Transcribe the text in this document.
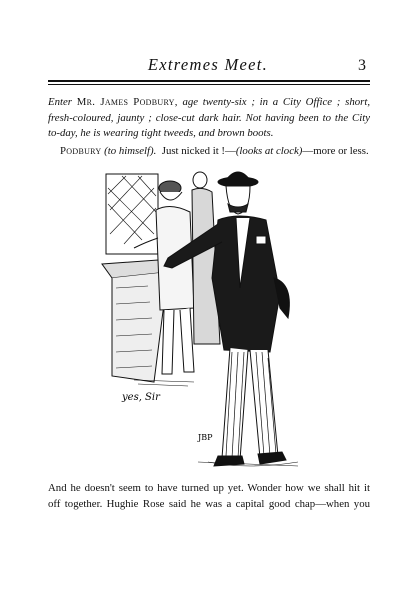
Extremes Meet.	3
Enter Mr. James Podbury, age twenty-six ; in a City Office ; short, fresh-coloured, jaunty ; close-cut dark hair. Not having been to the City to-day, he is wearing tight tweeds, and brown boots.
Podbury (to himself). Just nicked it !—(looks at clock)—more or less.
yes, Sir
JBP
And he doesn't seem to have turned up yet. Wonder how we shall hit it
off together. Hughie Rose said he was a capital good chap—when you
